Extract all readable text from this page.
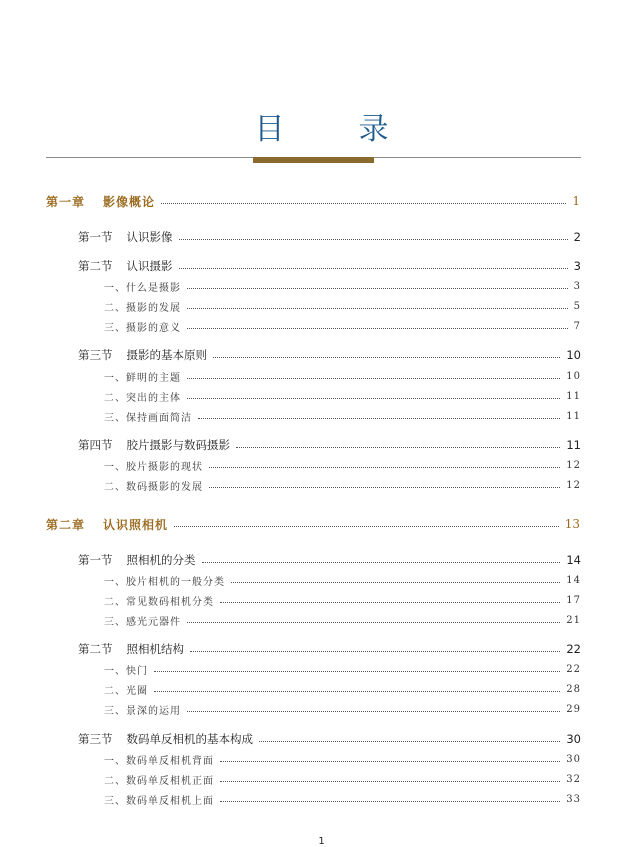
目　录
第一章 影像概论	1
第一节 认识影像	2
第二节 认识摄影	3
一、什么是摄影	3
二、摄影的发展	5
三、摄影的意义	7
第三节 摄影的基本原则	10
一、鲜明的主题	10
二、突出的主体	11
三、保持画面简洁	11
第四节 胶片摄影与数码摄影	11
一、胶片摄影的现状	12
二、数码摄影的发展	12
第二章 认识照相机	13
第一节 照相机的分类	14
一、胶片相机的一般分类	14
二、常见数码相机分类	17
三、感光元器件	21
第二节 照相机结构	22
一、快门	22
二、光圈	28
三、景深的运用	29
第三节 数码单反相机的基本构成	30
一、数码单反相机背面	30
二、数码单反相机正面	32
三、数码单反相机上面	33
1
